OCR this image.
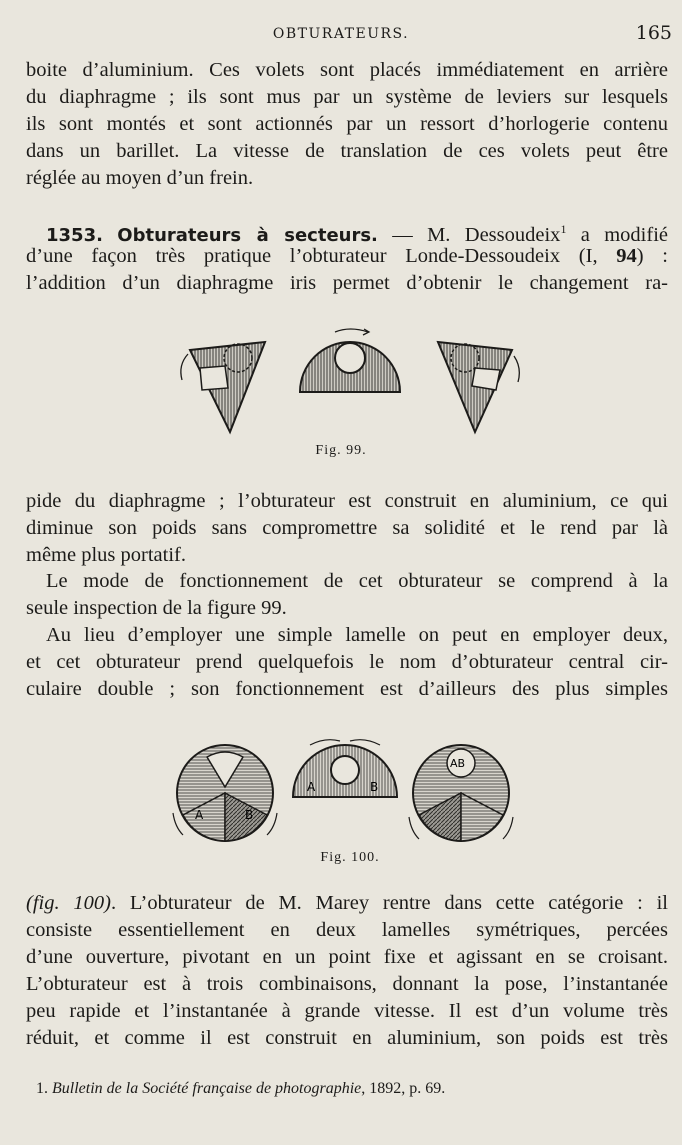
OBTURATEURS.	165
boite d’aluminium. Ces volets sont placés immédiatement en arrière
du diaphragme ; ils sont mus par un système de leviers sur lesquels
ils sont montés et sont actionnés par un ressort d’horlogerie contenu
dans un barillet. La vitesse de translation de ces volets peut être
réglée au moyen d’un frein.
1353. Obturateurs à secteurs. — M. Dessoudeix$^1$ a modifié
d’une façon très pratique l’obturateur Londe-Dessoudeix (I, 94) :
l’addition d’un diaphragme iris permet d’obtenir le changement ra-
Fig. 99.
pide du diaphragme ; l’obturateur est construit en aluminium, ce qui
diminue son poids sans compromettre sa solidité et le rend par là
même plus portatif.
Le mode de fonctionnement de cet obturateur se comprend à la
seule inspection de la figure 99.
Au lieu d’employer une simple lamelle on peut en employer deux,
et cet obturateur prend quelquefois le nom d’obturateur central cir-
culaire double ; son fonctionnement est d’ailleurs des plus simples
A	B
A	B
AB
Fig. 100.
(fig. 100). L’obturateur de M. Marey rentre dans cette catégorie : il
consiste essentiellement en deux lamelles symétriques, percées
d’une ouverture, pivotant en un point fixe et agissant en se croisant.
L’obturateur est à trois combinaisons, donnant la pose, l’instantanée
peu rapide et l’instantanée à grande vitesse. Il est d’un volume très
réduit, et comme il est construit en aluminium, son poids est très
1. Bulletin de la Société française de photographie, 1892, p. 69.
